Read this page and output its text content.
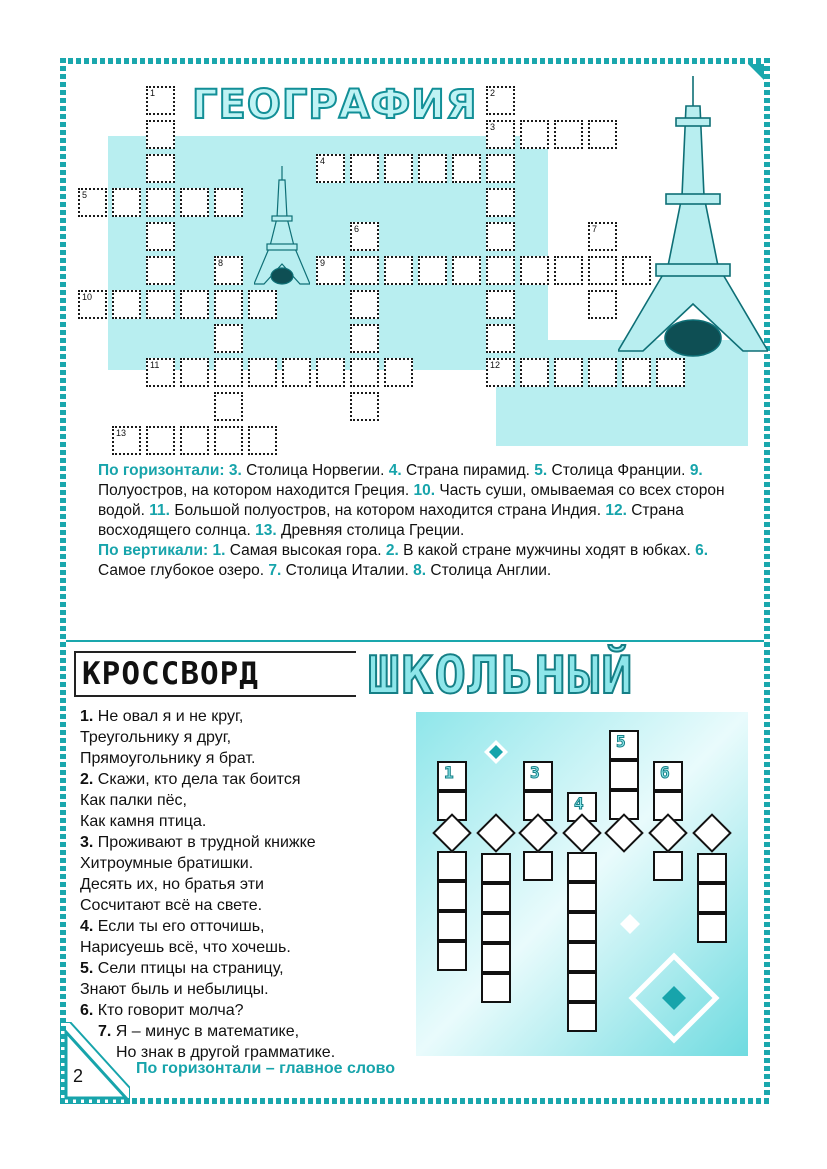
ГЕОГРАФИЯ
1
5
10
8
11
6
13
4
9
2
3
12
7
По горизонтали: 3. Столица Норвегии. 4. Страна пирамид. 5. Столица Франции. 9. Полуостров, на котором находится Греция. 10. Часть суши, омываемая со всех сторон водой. 11. Большой полуостров, на котором находится страна Индия. 12. Страна восходящего солнца. 13. Древняя столица Греции.
По вертикали: 1. Самая высокая гора. 2. В какой стране мужчины ходят в юбках. 6. Самое глубокое озеро. 7. Столица Италии. 8. Столица Англии.
КРОССВОРД ШКОЛЬНЫЙ
1. Не овал я и не круг,
Треугольнику я друг,
Прямоугольнику я брат.
2. Скажи, кто дела так боится
Как палки пёс,
Как камня птица.
3. Проживают в трудной книжке
Хитроумные братишки.
Десять их, но братья эти
Сосчитают всё на свете.
4. Если ты его отточишь,
Нарисуешь всё, что хочешь.
5. Сели птицы на страницу,
Знают быль и небылицы.
6. Кто говорит молча?
7. Я – минус в математике,
Но знак в другой грамматике.
1	3
4
5
6
2	По горизонтали – главное слово
